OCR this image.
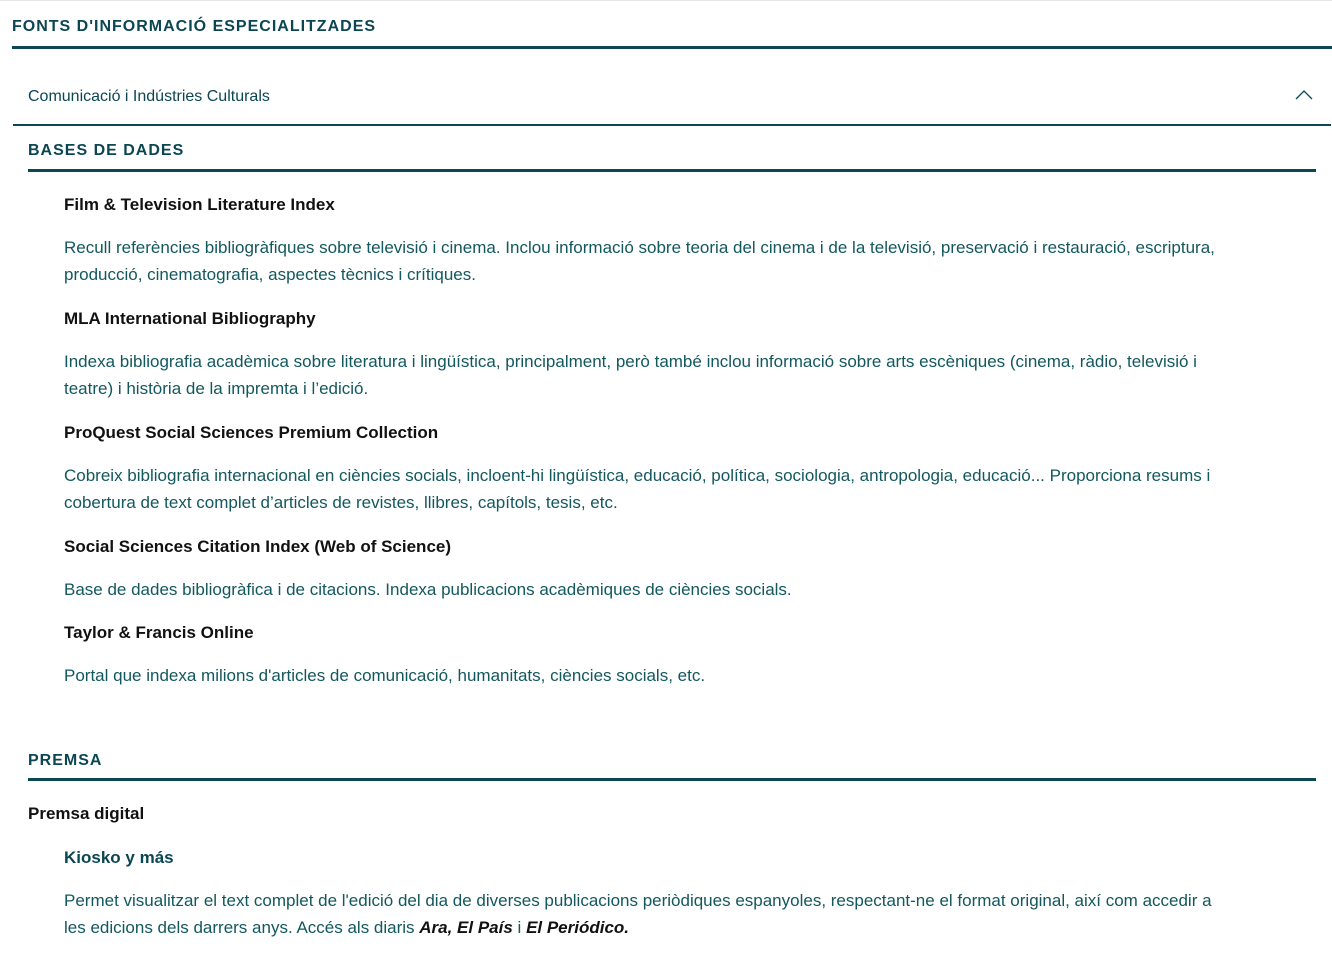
FONTS D'INFORMACIÓ ESPECIALITZADES
Comunicació i Indústries Culturals
BASES DE DADES

Film & Television Literature Index

Recull referències bibliogràfiques sobre televisió i cinema. Inclou informació sobre teoria del cinema i de la televisió, preservació i restauració, escriptura,
producció, cinematografia, aspectes tècnics i crítiques.

MLA International Bibliography

Indexa bibliografia acadèmica sobre literatura i lingüística, principalment, però també inclou informació sobre arts escèniques (cinema, ràdio, televisió i
teatre) i història de la impremta i l’edició.

ProQuest Social Sciences Premium Collection

Cobreix bibliografia internacional en ciències socials, incloent-hi lingüística, educació, política, sociologia, antropologia, educació... Proporciona resums i
cobertura de text complet d’articles de revistes, llibres, capítols, tesis, etc.

Social Sciences Citation Index (Web of Science)

Base de dades bibliogràfica i de citacions. Indexa publicacions acadèmiques de ciències socials.

Taylor & Francis Online

Portal que indexa milions d'articles de comunicació, humanitats, ciències socials, etc.

PREMSA

Premsa digital

Kiosko y más

Permet visualitzar el text complet de l'edició del dia de diverses publicacions periòdiques espanyoles, respectant-ne el format original, així com accedir a
les edicions dels darrers anys. Accés als diaris Ara, El País i El Periódico.
